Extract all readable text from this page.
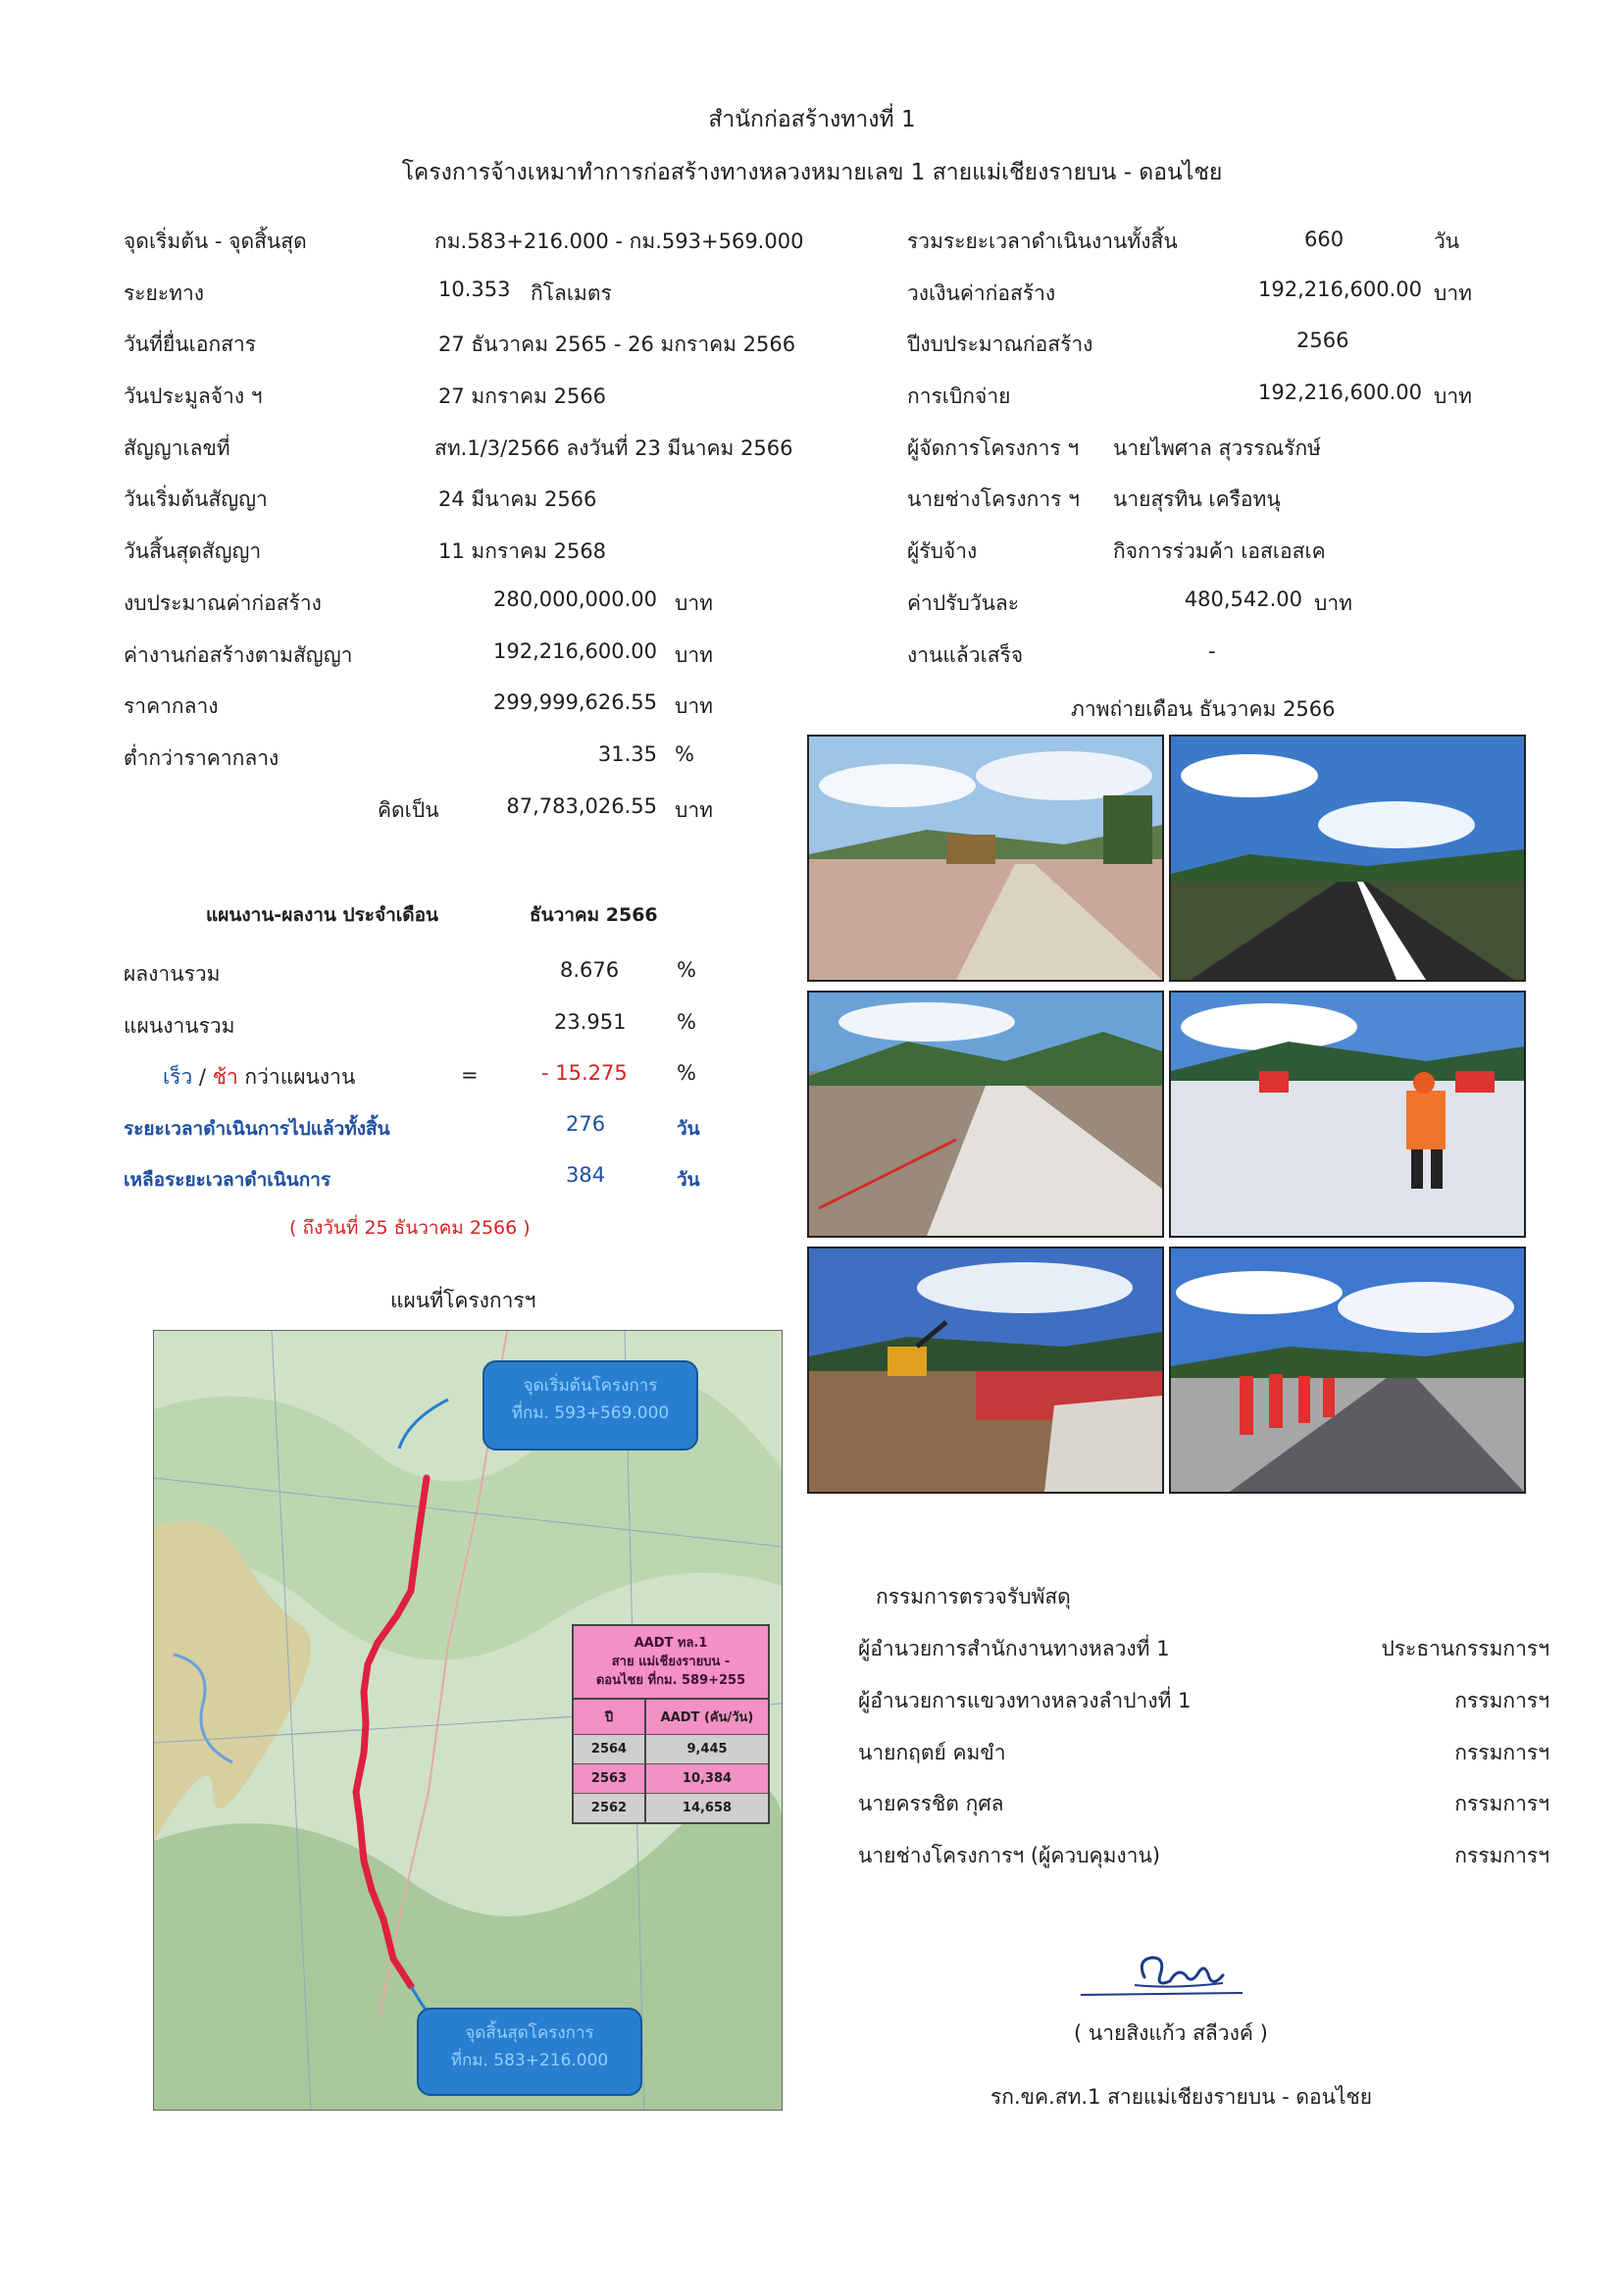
สำนักก่อสร้างทางที่ 1
โครงการจ้างเหมาทำการก่อสร้างทางหลวงหมายเลข 1 สายแม่เชียงรายบน - ดอนไชย
จุดเริ่มต้น - จุดสิ้นสุด	กม.583+216.000 - กม.593+569.000
ระยะทาง	10.353 กิโลเมตร
วันที่ยื่นเอกสาร	27 ธันวาคม 2565 - 26 มกราคม 2566
วันประมูลจ้าง ฯ	27 มกราคม 2566
สัญญาเลขที่	สท.1/3/2566 ลงวันที่ 23 มีนาคม 2566
วันเริ่มต้นสัญญา	24 มีนาคม 2566
วันสิ้นสุดสัญญา	11 มกราคม 2568
งบประมาณค่าก่อสร้าง	280,000,000.00 บาท
ค่างานก่อสร้างตามสัญญา	192,216,600.00 บาท
ราคากลาง	299,999,626.55 บาท
ต่ำกว่าราคากลาง	31.35 %
คิดเป็น	87,783,026.55 บาท
รวมระยะเวลาดำเนินงานทั้งสิ้น	660	วัน
วงเงินค่าก่อสร้าง	192,216,600.00 บาท
ปีงบประมาณก่อสร้าง	2566
การเบิกจ่าย	192,216,600.00 บาท
ผู้จัดการโครงการ ฯ นายไพศาล สุวรรณรักษ์
นายช่างโครงการ ฯ นายสุรทิน เครือทนุ
ผู้รับจ้าง	กิจการร่วมค้า เอสเอสเค
ค่าปรับวันละ	480,542.00 บาท
งานแล้วเสร็จ	-
แผนงาน-ผลงาน ประจำเดือน	ธันวาคม 2566
ผลงานรวม	8.676	%
แผนงานรวม	23.951 %
เร็ว / ช้า กว่าแผนงาน	=	- 15.275 %
ระยะเวลาดำเนินการไปแล้วทั้งสิ้น	276	วัน
เหลือระยะเวลาดำเนินการ	384	วัน
( ถึงวันที่ 25 ธันวาคม 2566 )
ภาพถ่ายเดือน ธันวาคม 2566
แผนที่โครงการฯ
จุดเริ่มต้นโครงการ
ที่กม. 593+569.000
จุดสิ้นสุดโครงการ
ที่กม. 583+216.000
AADT ทล.1
สาย แม่เชียงรายบน -
ดอนไชย ที่กม. 589+255
ปี	AADT (คัน/วัน)
2564	9,445
2563	10,384
2562	14,658
กรรมการตรวจรับพัสดุ
ผู้อำนวยการสำนักงานทางหลวงที่ 1	ประธานกรรมการฯ
ผู้อำนวยการแขวงทางหลวงลำปางที่ 1	กรรมการฯ
นายกฤตย์ คมขำ	กรรมการฯ
นายครรชิต กุศล	กรรมการฯ
นายช่างโครงการฯ (ผู้ควบคุมงาน)	กรรมการฯ
( นายสิงแก้ว สลีวงค์ )
รก.ขค.สท.1 สายแม่เชียงรายบน - ดอนไชย
